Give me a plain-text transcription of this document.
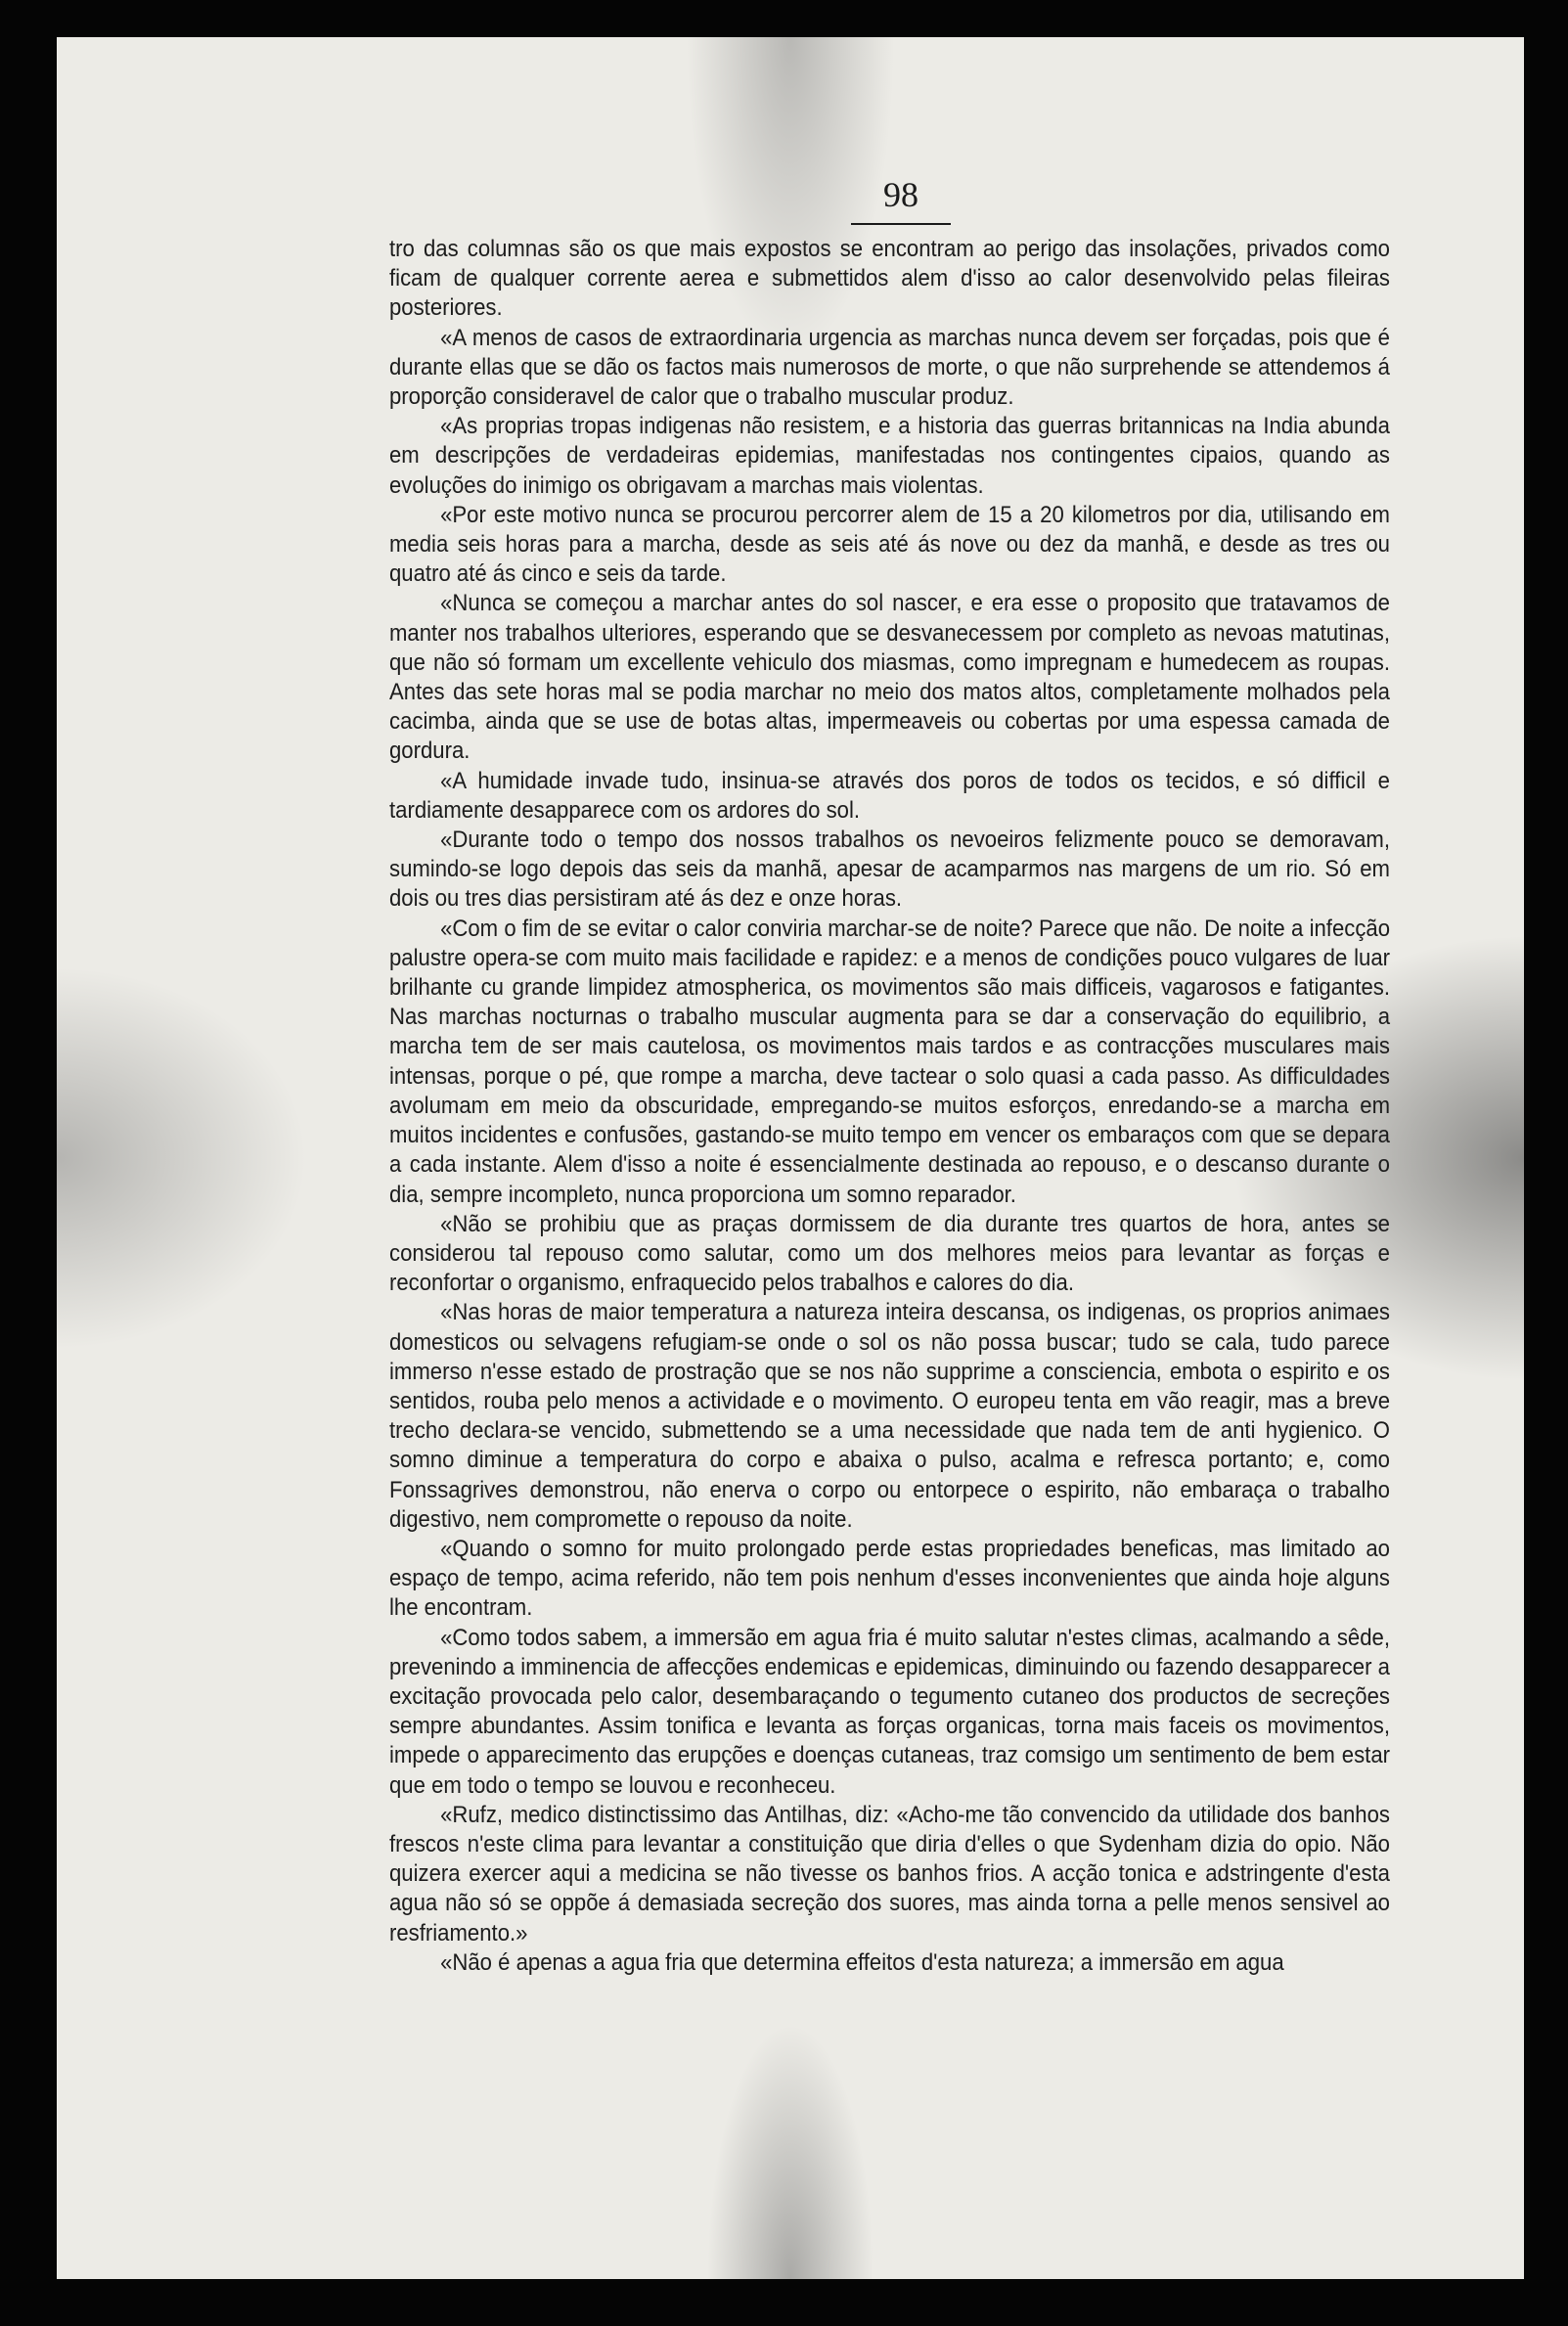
98

tro das columnas são os que mais expostos se encontram ao perigo das insolações, privados como ficam de qualquer corrente aerea e submettidos alem d'isso ao calor desenvolvido pelas fileiras posteriores.

«A menos de casos de extraordinaria urgencia as marchas nunca devem ser forçadas, pois que é durante ellas que se dão os factos mais numerosos de morte, o que não surprehende se attendemos á proporção consideravel de calor que o trabalho muscular produz.

«As proprias tropas indigenas não resistem, e a historia das guerras britannicas na India abunda em descripções de verdadeiras epidemias, manifestadas nos contingentes cipaios, quando as evoluções do inimigo os obrigavam a marchas mais violentas.

«Por este motivo nunca se procurou percorrer alem de 15 a 20 kilometros por dia, utilisando em media seis horas para a marcha, desde as seis até ás nove ou dez da manhã, e desde as tres ou quatro até ás cinco e seis da tarde.

«Nunca se começou a marchar antes do sol nascer, e era esse o proposito que tratavamos de manter nos trabalhos ulteriores, esperando que se desvanecessem por completo as nevoas matutinas, que não só formam um excellente vehiculo dos miasmas, como impregnam e humedecem as roupas. Antes das sete horas mal se podia marchar no meio dos matos altos, completamente molhados pela cacimba, ainda que se use de botas altas, impermeaveis ou cobertas por uma espessa camada de gordura.

«A humidade invade tudo, insinua-se através dos poros de todos os tecidos, e só difficil e tardiamente desapparece com os ardores do sol.

«Durante todo o tempo dos nossos trabalhos os nevoeiros felizmente pouco se demoravam, sumindo-se logo depois das seis da manhã, apesar de acamparmos nas margens de um rio. Só em dois ou tres dias persistiram até ás dez e onze horas.

«Com o fim de se evitar o calor conviria marchar-se de noite? Parece que não. De noite a infecção palustre opera-se com muito mais facilidade e rapidez: e a menos de condições pouco vulgares de luar brilhante cu grande limpidez atmospherica, os movimentos são mais difficeis, vagarosos e fatigantes. Nas marchas nocturnas o trabalho muscular augmenta para se dar a conservação do equilibrio, a marcha tem de ser mais cautelosa, os movimentos mais tardos e as contracções musculares mais intensas, porque o pé, que rompe a marcha, deve tactear o solo quasi a cada passo. As difficuldades avolumam em meio da obscuridade, empregando-se muitos esforços, enredando-se a marcha em muitos incidentes e confusões, gastando-se muito tempo em vencer os embaraços com que se depara a cada instante. Alem d'isso a noite é essencialmente destinada ao repouso, e o descanso durante o dia, sempre incompleto, nunca proporciona um somno reparador.

«Não se prohibiu que as praças dormissem de dia durante tres quartos de hora, antes se considerou tal repouso como salutar, como um dos melhores meios para levantar as forças e reconfortar o organismo, enfraquecido pelos trabalhos e calores do dia.

«Nas horas de maior temperatura a natureza inteira descansa, os indigenas, os proprios animaes domesticos ou selvagens refugiam-se onde o sol os não possa buscar; tudo se cala, tudo parece immerso n'esse estado de prostração que se nos não supprime a consciencia, embota o espirito e os sentidos, rouba pelo menos a actividade e o movimento. O europeu tenta em vão reagir, mas a breve trecho declara-se vencido, submettendo se a uma necessidade que nada tem de anti hygienico. O somno diminue a temperatura do corpo e abaixa o pulso, acalma e refresca portanto; e, como Fonssagrives demonstrou, não enerva o corpo ou entorpece o espirito, não embaraça o trabalho digestivo, nem compromette o repouso da noite.

«Quando o somno for muito prolongado perde estas propriedades beneficas, mas limitado ao espaço de tempo, acima referido, não tem pois nenhum d'esses inconvenientes que ainda hoje alguns lhe encontram.

«Como todos sabem, a immersão em agua fria é muito salutar n'estes climas, acalmando a sêde, prevenindo a imminencia de affecções endemicas e epidemicas, diminuindo ou fazendo desapparecer a excitação provocada pelo calor, desembaraçando o tegumento cutaneo dos productos de secreções sempre abundantes. Assim tonifica e levanta as forças organicas, torna mais faceis os movimentos, impede o apparecimento das erupções e doenças cutaneas, traz comsigo um sentimento de bem estar que em todo o tempo se louvou e reconheceu.

«Rufz, medico distinctissimo das Antilhas, diz: «Acho-me tão convencido da utilidade dos banhos frescos n'este clima para levantar a constituição que diria d'elles o que Sydenham dizia do opio. Não quizera exercer aqui a medicina se não tivesse os banhos frios. A acção tonica e adstringente d'esta agua não só se oppõe á demasiada secreção dos suores, mas ainda torna a pelle menos sensivel ao resfriamento.»

«Não é apenas a agua fria que determina effeitos d'esta natureza; a immersão em agua
